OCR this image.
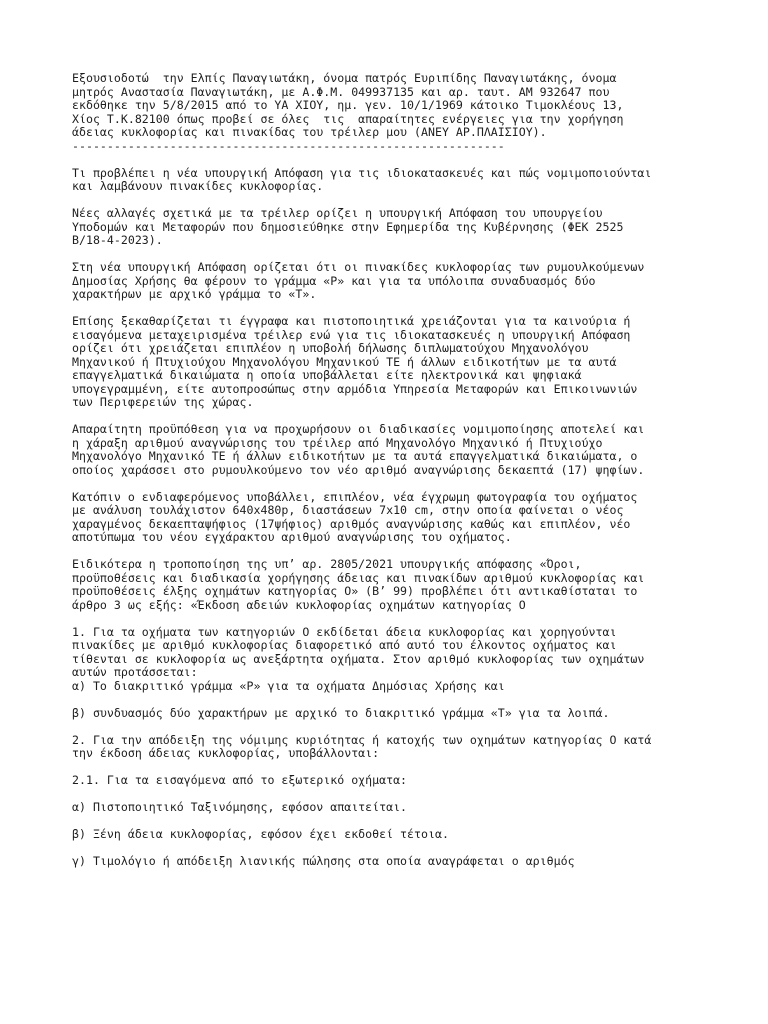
Εξουσιοδοτώ  την Ελπίς Παναγιωτάκη, όνομα πατρός Ευριπίδης Παναγιωτάκης, όνομα
μητρός Αναστασία Παναγιωτάκη, με Α.Φ.Μ. 049937135 και αρ. ταυτ. ΑΜ 932647 που
εκδόθηκε την 5/8/2015 από το ΥΑ ΧΙΟΥ, ημ. γεν. 10/1/1969 κάτοικο Τιμοκλέους 13,
Χίος Τ.Κ.82100 όπως προβεί σε όλες  τις  απαραίτητες ενέργειες για την χορήγηση
άδειας κυκλοφορίας και πινακίδας του τρέιλερ μου (ΑΝΕΥ ΑΡ.ΠΛΑΙΣΙΟΥ).
--------------------------------------------------------------
Τι προβλέπει η νέα υπουργική Απόφαση για τις ιδιοκατασκευές και πώς νομιμοποιούνται
και λαμβάνουν πινακίδες κυκλοφορίας.
Νέες αλλαγές σχετικά με τα τρέιλερ ορίζει η υπουργική Απόφαση του υπουργείου
Υποδομών και Μεταφορών που δημοσιεύθηκε στην Εφημερίδα της Κυβέρνησης (ΦΕΚ 2525
Β/18-4-2023).
Στη νέα υπουργική Απόφαση ορίζεται ότι οι πινακίδες κυκλοφορίας των ρυμουλκούμενων
Δημοσίας Χρήσης θα φέρουν το γράμμα «Ρ» και για τα υπόλοιπα συναδυασμός δύο
χαρακτήρων με αρχικό γράμμα το «Τ».
Επίσης ξεκαθαρίζεται τι έγγραφα και πιστοποιητικά χρειάζονται για τα καινούρια ή
εισαγόμενα μεταχειρισμένα τρέιλερ ενώ για τις ιδιοκατασκευές η υπουργική Απόφαση
ορίζει ότι χρειάζεται επιπλέον η υποβολή δήλωσης διπλωματούχου Μηχανολόγου
Μηχανικού ή Πτυχιούχου Μηχανολόγου Μηχανικού ΤΕ ή άλλων ειδικοτήτων με τα αυτά
επαγγελματικά δικαιώματα η οποία υποβάλλεται είτε ηλεκτρονικά και ψηφιακά
υπογεγραμμένη, είτε αυτοπροσώπως στην αρμόδια Υπηρεσία Μεταφορών και Επικοινωνιών
των Περιφερειών της χώρας.
Απαραίτητη προϋπόθεση για να προχωρήσουν οι διαδικασίες νομιμοποίησης αποτελεί και
η χάραξη αριθμού αναγνώρισης του τρέιλερ από Μηχανολόγο Μηχανικό ή Πτυχιούχο
Μηχανολόγο Μηχανικό ΤΕ ή άλλων ειδικοτήτων με τα αυτά επαγγελματικά δικαιώματα, ο
οποίος χαράσσει στο ρυμουλκούμενο τον νέο αριθμό αναγνώρισης δεκαεπτά (17) ψηφίων.
Κατόπιν ο ενδιαφερόμενος υποβάλλει, επιπλέον, νέα έγχρωμη φωτογραφία του οχήματος
με ανάλυση τουλάχιστον 640x480p, διαστάσεων 7x10 cm, στην οποία φαίνεται ο νέος
χαραγμένος δεκαεπταψήφιος (17ψήφιος) αριθμός αναγνώρισης καθώς και επιπλέον, νέο
αποτύπωμα του νέου εγχάρακτου αριθμού αναγνώρισης του οχήματος.
Ειδικότερα η τροποποίηση της υπ’ αρ. 2805/2021 υπουργικής απόφασης «Όροι,
προϋποθέσεις και διαδικασία χορήγησης άδειας και πινακίδων αριθμού κυκλοφορίας και
προϋποθέσεις έλξης οχημάτων κατηγορίας Ο» (Β’ 99) προβλέπει ότι αντικαθίσταται το
άρθρο 3 ως εξής: «Έκδοση αδειών κυκλοφορίας οχημάτων κατηγορίας Ο
1. Για τα οχήματα των κατηγοριών Ο εκδίδεται άδεια κυκλοφορίας και χορηγούνται
πινακίδες με αριθμό κυκλοφορίας διαφορετικό από αυτό του έλκοντος οχήματος και
τίθενται σε κυκλοφορία ως ανεξάρτητα οχήματα. Στον αριθμό κυκλοφορίας των οχημάτων
αυτών προτάσσεται:
α) Το διακριτικό γράμμα «Ρ» για τα οχήματα Δημόσιας Χρήσης και
β) συνδυασμός δύο χαρακτήρων με αρχικό το διακριτικό γράμμα «Τ» για τα λοιπά.
2. Για την απόδειξη της νόμιμης κυριότητας ή κατοχής των οχημάτων κατηγορίας Ο κατά
την έκδοση άδειας κυκλοφορίας, υποβάλλονται:
2.1. Για τα εισαγόμενα από το εξωτερικό οχήματα:
α) Πιστοποιητικό Ταξινόμησης, εφόσον απαιτείται.
β) Ξένη άδεια κυκλοφορίας, εφόσον έχει εκδοθεί τέτοια.
γ) Τιμολόγιο ή απόδειξη λιανικής πώλησης στα οποία αναγράφεται ο αριθμός
